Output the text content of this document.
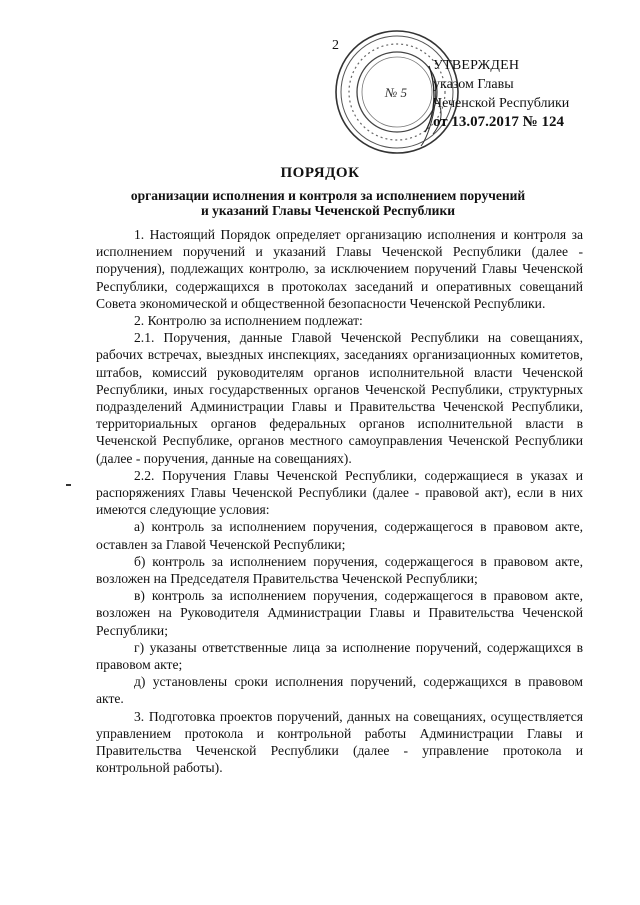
2
№ 5
УТВЕРЖДЕН
указом Главы
Чеченской Республики
от 13.07.2017 № 124
ПОРЯДОК
организации исполнения и контроля за исполнением поручений
и указаний Главы Чеченской Республики

1. Настоящий Порядок определяет организацию исполнения и контроля за исполнением поручений и указаний Главы Чеченской Республики (далее - поручения), подлежащих контролю, за исключением поручений Главы Чеченской Республики, содержащихся в протоколах заседаний и оперативных совещаний Совета экономической и общественной безопасности Чеченской Республики.

2. Контролю за исполнением подлежат:

2.1. Поручения, данные Главой Чеченской Республики на совещаниях, рабочих встречах, выездных инспекциях, заседаниях организационных комитетов, штабов, комиссий руководителям органов исполнительной власти Чеченской Республики, иных государственных органов Чеченской Республики, структурных подразделений Администрации Главы и Правительства Чеченской Республики, территориальных органов федеральных органов исполнительной власти в Чеченской Республике, органов местного самоуправления Чеченской Республики (далее - поручения, данные на совещаниях).

2.2. Поручения Главы Чеченской Республики, содержащиеся в указах и распоряжениях Главы Чеченской Республики (далее - правовой акт), если в них имеются следующие условия:

а) контроль за исполнением поручения, содержащегося в правовом акте, оставлен за Главой Чеченской Республики;

б) контроль за исполнением поручения, содержащегося в правовом акте, возложен на Председателя Правительства Чеченской Республики;

в) контроль за исполнением поручения, содержащегося в правовом акте, возложен на Руководителя Администрации Главы и Правительства Чеченской Республики;

г) указаны ответственные лица за исполнение поручений, содержащихся в правовом акте;

д) установлены сроки исполнения поручений, содержащихся в правовом акте.

3. Подготовка проектов поручений, данных на совещаниях, осуществляется управлением протокола и контрольной работы Администрации Главы и Правительства Чеченской Республики (далее - управление протокола и контрольной работы).
